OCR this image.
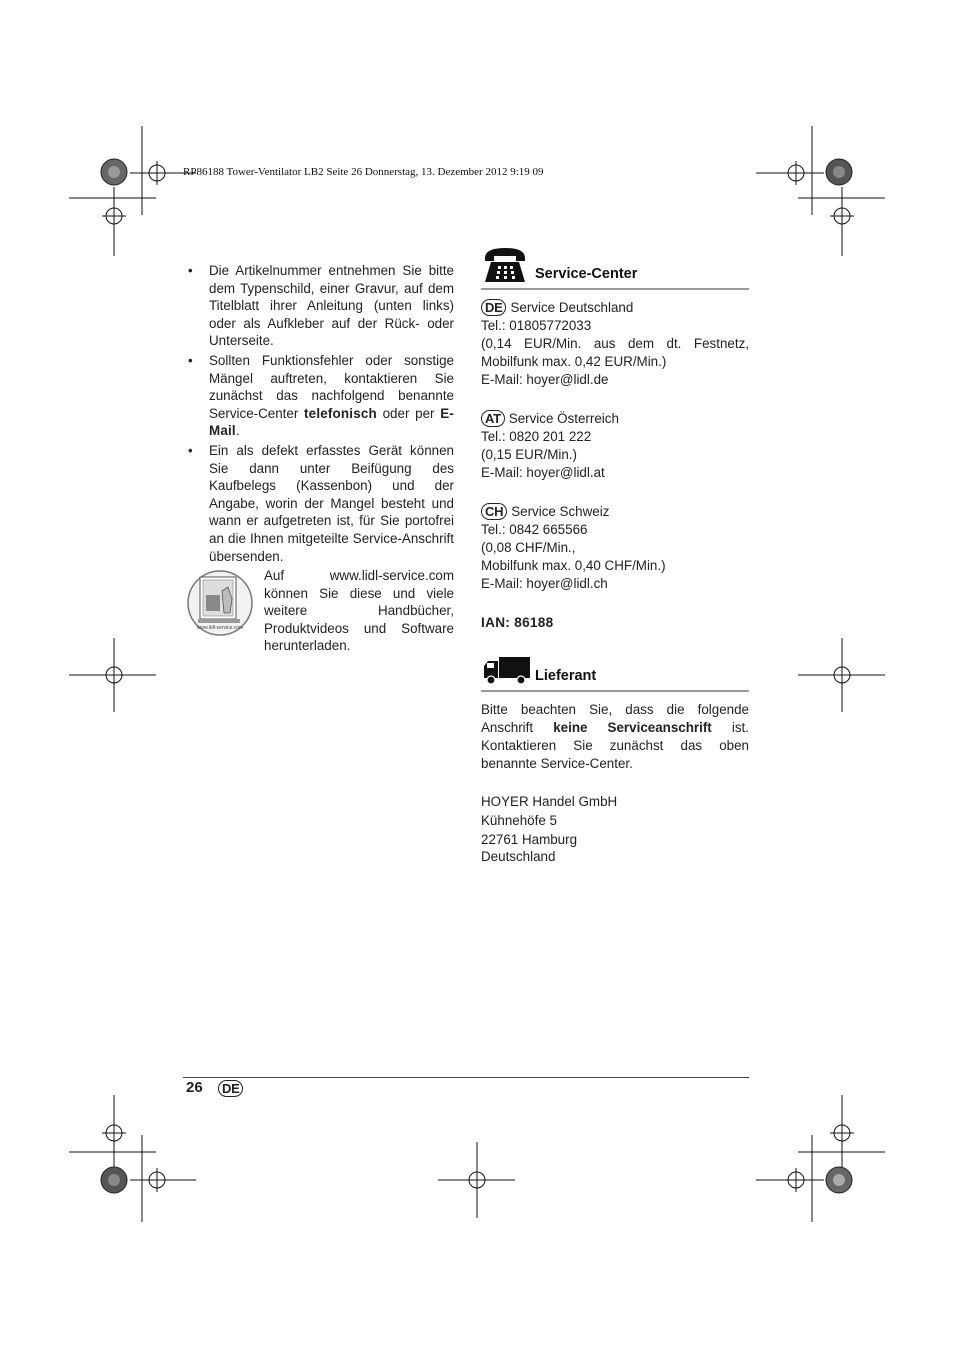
RP86188 Tower-Ventilator LB2 Seite 26 Donnerstag, 13. Dezember 2012 9:19 09
• Die Artikelnummer entnehmen Sie bitte dem Typenschild, einer Gravur, auf dem Titelblatt ihrer Anleitung (unten links) oder als Aufkleber auf der Rück- oder Unterseite.
• Sollten Funktionsfehler oder sonstige Mängel auftreten, kontaktieren Sie zunächst das nachfolgend benannte Service-Center telefonisch oder per E-Mail.
• Ein als defekt erfasstes Gerät können Sie dann unter Beifügung des Kaufbelegs (Kassenbon) und der Angabe, worin der Mangel besteht und wann er aufgetreten ist, für Sie portofrei an die Ihnen mitgeteilte Service-Anschrift übersenden.
www.lidl-service.com
Auf www.lidl-service.com können Sie diese und viele weitere Handbücher, Produktvideos und Software herunterladen.
Service-Center
DE Service Deutschland
Tel.: 01805772033
(0,14 EUR/Min. aus dem dt. Festnetz, Mobilfunk max. 0,42 EUR/Min.)
E-Mail: hoyer@lidl.de
AT Service Österreich
Tel.: 0820 201 222
(0,15 EUR/Min.)
E-Mail: hoyer@lidl.at
CH Service Schweiz
Tel.: 0842 665566
(0,08 CHF/Min.,
Mobilfunk max. 0,40 CHF/Min.)
E-Mail: hoyer@lidl.ch
IAN: 86188
Lieferant
Bitte beachten Sie, dass die folgende Anschrift keine Serviceanschrift ist. Kontaktieren Sie zunächst das oben benannte Service-Center.
HOYER Handel GmbH
Kühnehöfe 5
22761 Hamburg
Deutschland
26	DE
